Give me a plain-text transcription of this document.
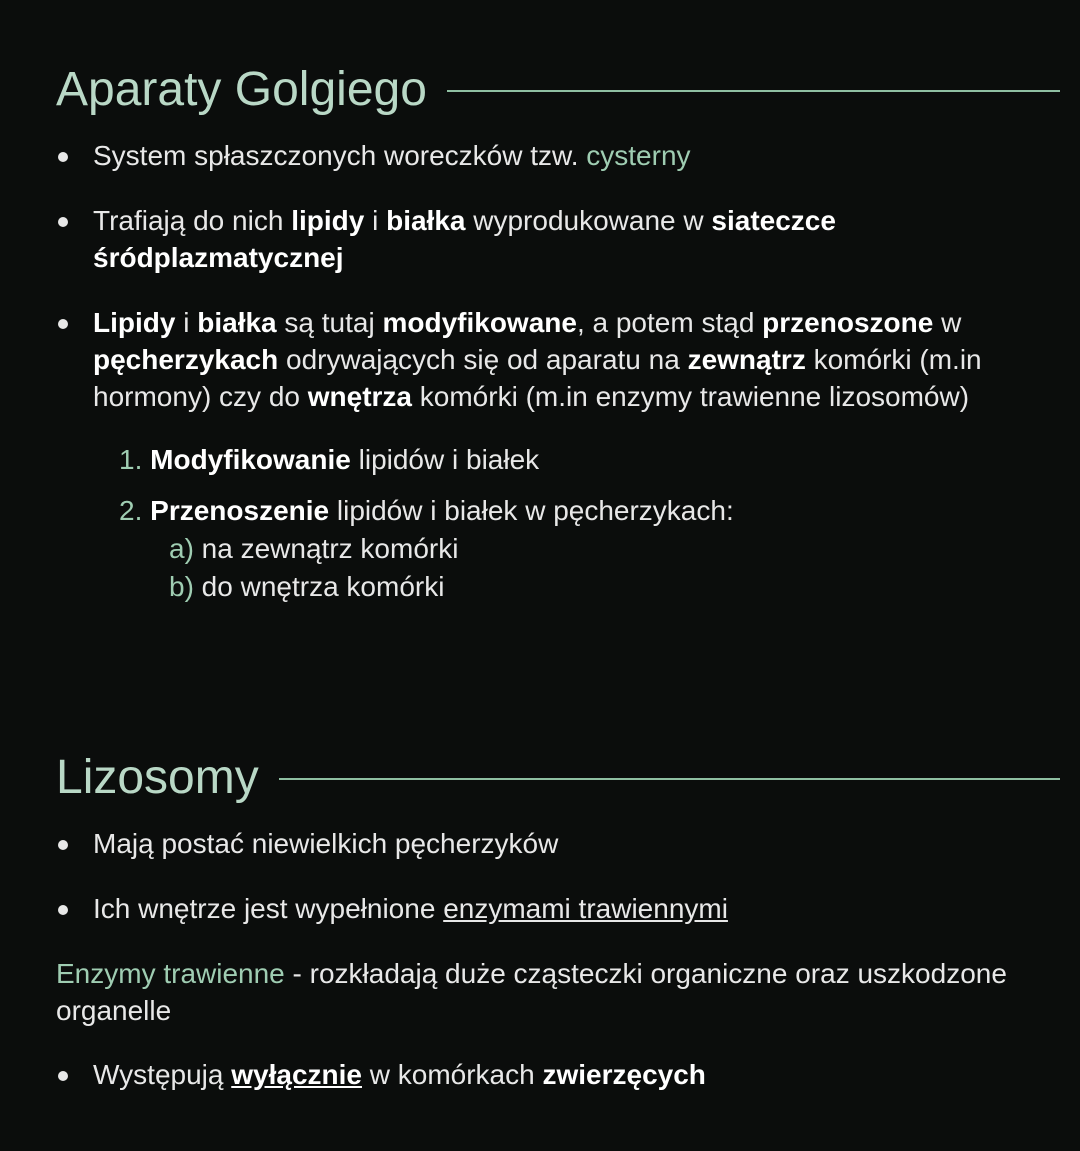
Aparaty Golgiego
System spłaszczonych woreczków tzw. cysterny
Trafiają do nich lipidy i białka wyprodukowane w siateczce śródplazmatycznej
Lipidy i białka są tutaj modyfikowane, a potem stąd przenoszone w pęcherzykach odrywających się od aparatu na zewnątrz komórki (m.in hormony) czy do wnętrza komórki (m.in enzymy trawienne lizosomów)
1. Modyfikowanie lipidów i białek
2. Przenoszenie lipidów i białek w pęcherzykach:
a) na zewnątrz komórki
b) do wnętrza komórki
Lizosomy
Mają postać niewielkich pęcherzyków
Ich wnętrze jest wypełnione enzymami trawiennymi
Enzymy trawienne - rozkładają duże cząsteczki organiczne oraz uszkodzone organelle
Występują wyłącznie w komórkach zwierzęcych
